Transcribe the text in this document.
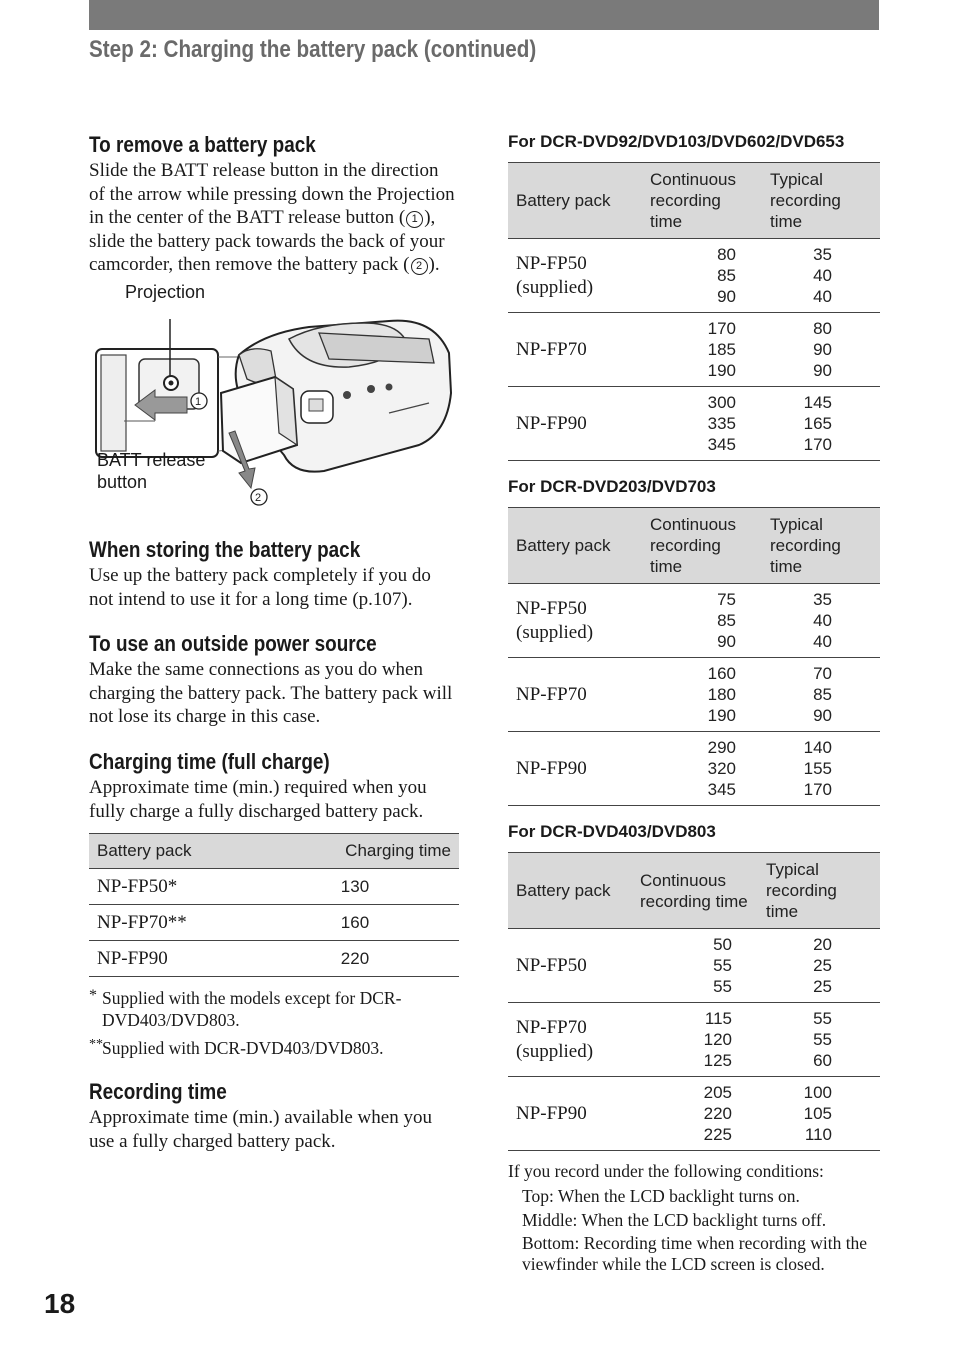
Step 2: Charging the battery pack (continued)
To remove a battery pack

Slide the BATT release button in the direction of the arrow while pressing down the Projection in the center of the BATT release button ( 1 ), slide the battery pack towards the back of your camcorder, then remove the battery pack ( 2 ).

1
2
Projection
BATT release
button
When storing the battery pack

Use up the battery pack completely if you do not intend to use it for a long time (p.107).

To use an outside power source

Make the same connections as you do when charging the battery pack. The battery pack will not lose its charge in this case.

Charging time (full charge)

Approximate time (min.) required when you fully charge a fully discharged battery pack.

Battery pack	Charging time
NP-FP50*	130
NP-FP70**	160
NP-FP90	220
* Supplied with the models except for DCR-DVD403/DVD803.

** Supplied with DCR-DVD403/DVD803.

Recording time

Approximate time (min.) available when you use a fully charged battery pack.

For DCR-DVD92/DVD103/DVD602/DVD653
Battery pack	Continuous
recording
time	Typical
recording
time
NP-FP50
(supplied)	80
85
90	35
40
40
NP-FP70	170
185
190	80
90
90
NP-FP90	300
335
345	145
165
170
For DCR-DVD203/DVD703
Battery pack	Continuous
recording
time	Typical
recording
time
NP-FP50
(supplied)	75
85
90	35
40
40
NP-FP70	160
180
190	70
85
90
NP-FP90	290
320
345	140
155
170
For DCR-DVD403/DVD803
Battery pack	Continuous
recording time	Typical
recording time
NP-FP50	50
55
55	20
25
25
NP-FP70
(supplied)	115
120
125	55
55
60
NP-FP90	205
220
225	100
105
110

If you record under the following conditions:
Top: When the LCD backlight turns on.
Middle: When the LCD backlight turns off.
Bottom: Recording time when recording with the viewfinder while the LCD screen is closed.

18
